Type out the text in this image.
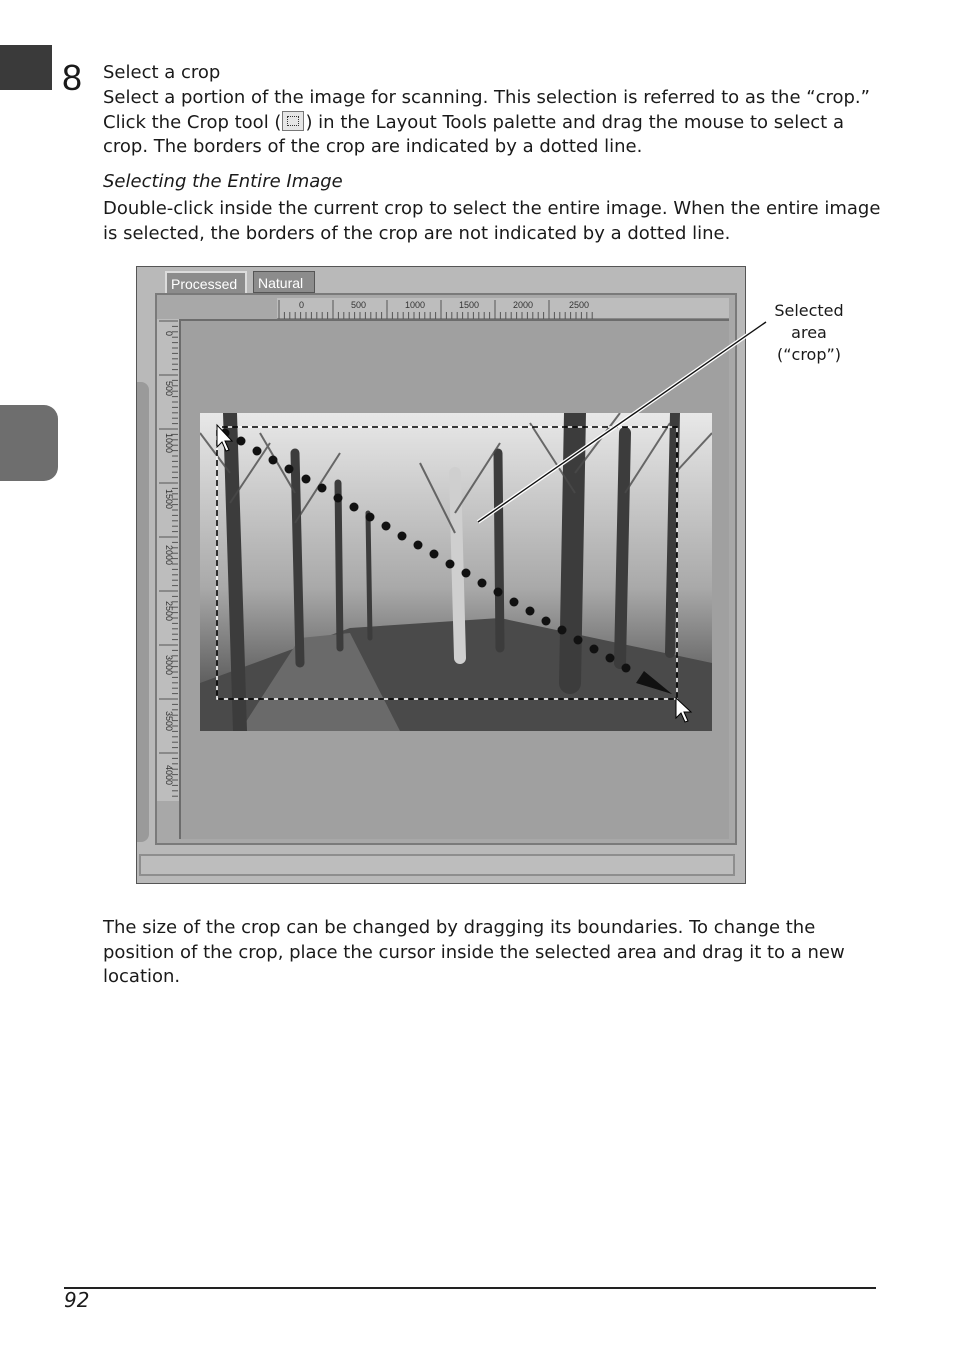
8 Select a crop
Select a portion of the image for scanning. This selection is referred to as the “crop.” Click the Crop tool ( ) in the Layout Tools palette and drag the mouse to select a crop. The borders of the crop are indicated by a dotted line.
Selecting the Entire Image
Double-click inside the current crop to select the entire image. When the entire image is selected, the borders of the crop are not indicated by a dotted line.
Processed	Natural
0	500	1000	1500	2000	2500
0
500
1000
1500
2000
2500
3000
3500
4000
Selected
area
(“crop”)
The size of the crop can be changed by dragging its boundaries. To change the position of the crop, place the cursor inside the selected area and drag it to a new location.
92
